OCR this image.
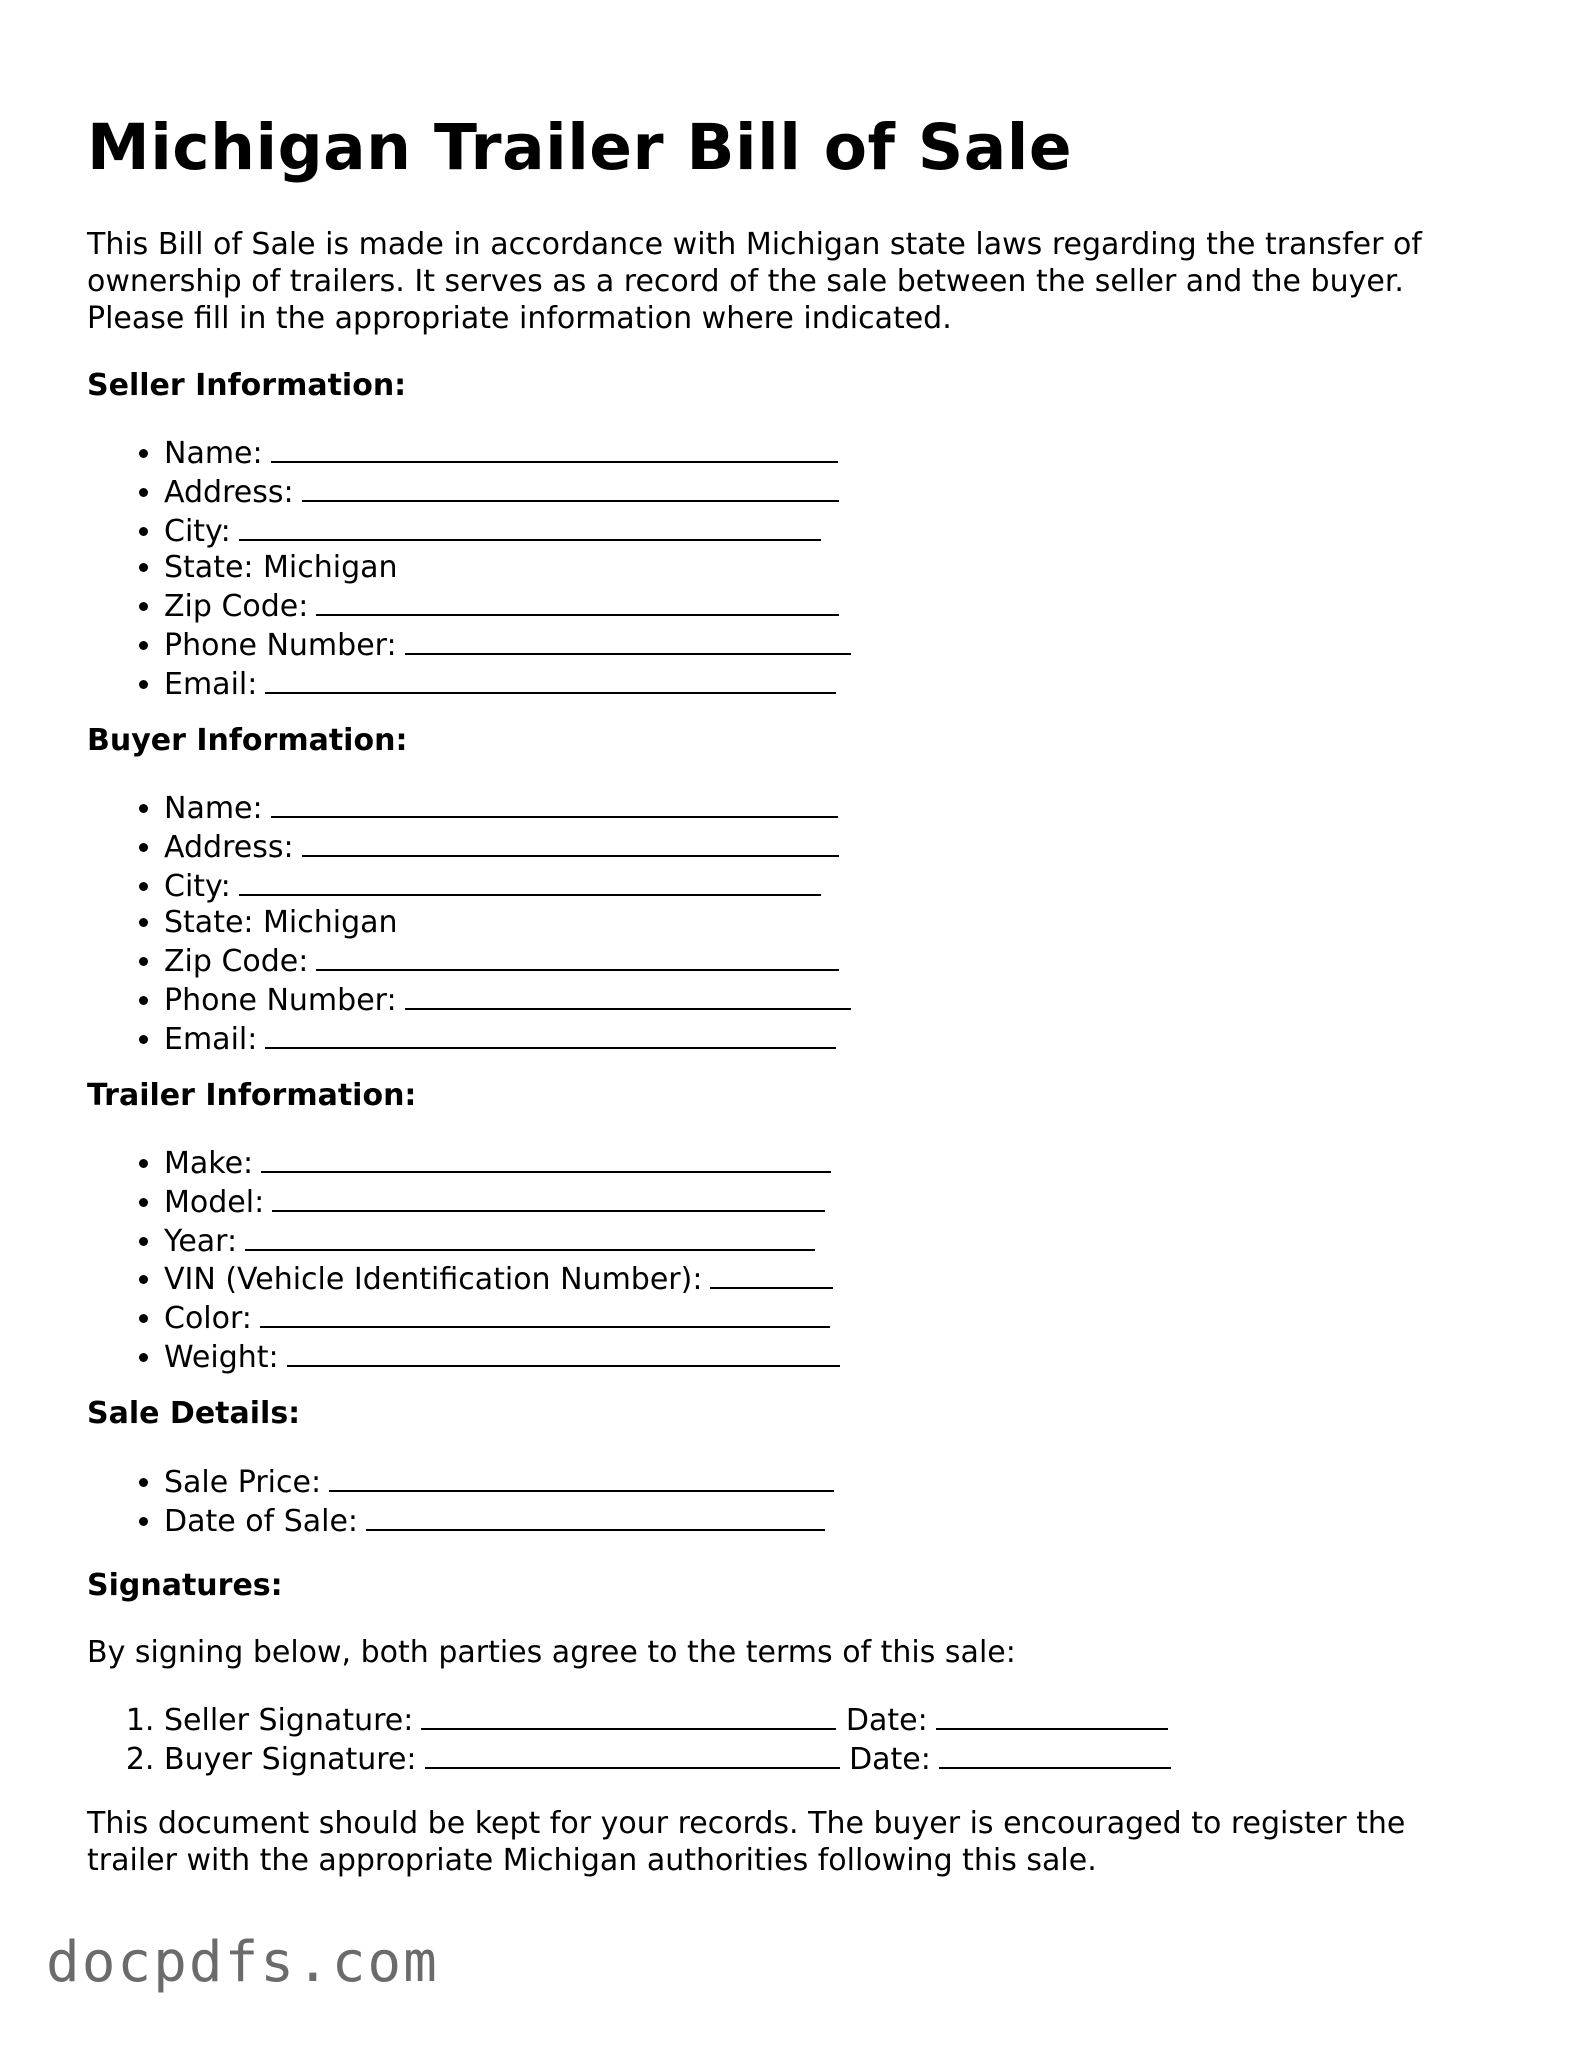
Michigan Trailer Bill of Sale

This Bill of Sale is made in accordance with Michigan state laws regarding the transfer of
ownership of trailers. It serves as a record of the sale between the seller and the buyer.
Please fill in the appropriate information where indicated.

Seller Information:

• Name:
• Address:
• City:
• State: Michigan
• Zip Code:
• Phone Number:
• Email:

Buyer Information:

• Name:
• Address:
• City:
• State: Michigan
• Zip Code:
• Phone Number:
• Email:

Trailer Information:

• Make:
• Model:
• Year:
• VIN (Vehicle Identification Number):
• Color:
• Weight:

Sale Details:

• Sale Price:
• Date of Sale:

Signatures:

By signing below, both parties agree to the terms of this sale:

1. Seller Signature:	Date:
2. Buyer Signature:	Date:

This document should be kept for your records. The buyer is encouraged to register the
trailer with the appropriate Michigan authorities following this sale.

docpdfs.com
